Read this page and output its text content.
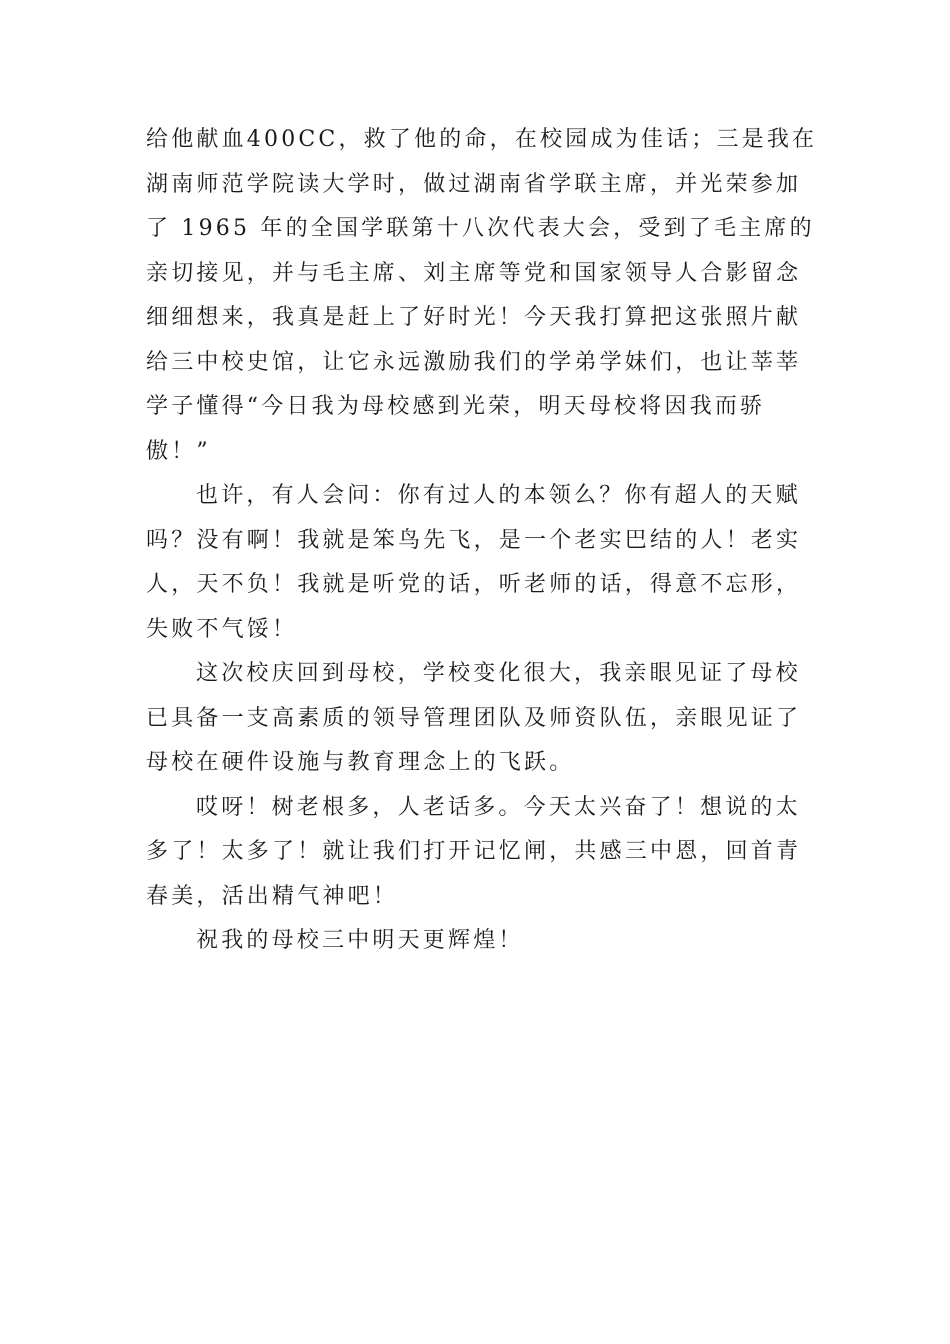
给他献血400CC，救了他的命，在校园成为佳话；三是我在
湖南师范学院读大学时，做过湖南省学联主席，并光荣参加
了 1965 年的全国学联第十八次代表大会，受到了毛主席的
亲切接见，并与毛主席、刘主席等党和国家领导人合影留念
细细想来，我真是赶上了好时光！今天我打算把这张照片献
给三中校史馆，让它永远激励我们的学弟学妹们，也让莘莘
学子懂得“今日我为母校感到光荣，明天母校将因我而骄
傲！”
也许，有人会问：你有过人的本领么？你有超人的天赋
吗？没有啊！我就是笨鸟先飞，是一个老实巴结的人！老实
人，天不负！我就是听党的话，听老师的话，得意不忘形，
失败不气馁！
这次校庆回到母校，学校变化很大，我亲眼见证了母校
已具备一支高素质的领导管理团队及师资队伍，亲眼见证了
母校在硬件设施与教育理念上的飞跃。
哎呀！树老根多，人老话多。今天太兴奋了！想说的太
多了！太多了！就让我们打开记忆闸，共感三中恩，回首青
春美，活出精气神吧！
祝我的母校三中明天更辉煌！
